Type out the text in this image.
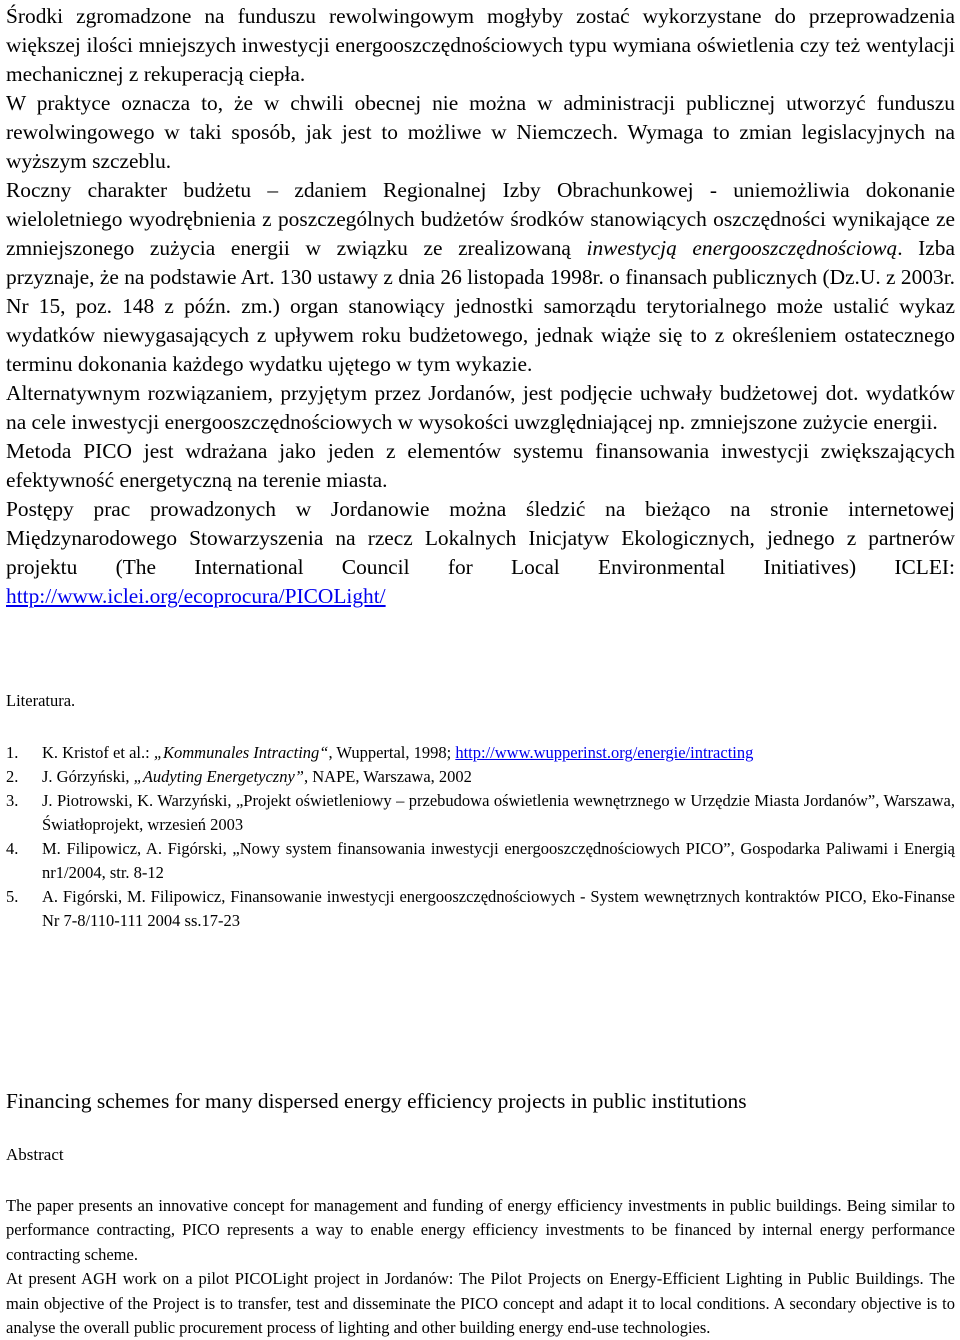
Środki zgromadzone na funduszu rewolwingowym mogłyby zostać wykorzystane do przeprowadzenia większej ilości mniejszych inwestycji energooszczędnościowych typu wymiana oświetlenia czy też wentylacji mechanicznej z rekuperacją ciepła.

W praktyce oznacza to, że w chwili obecnej nie można w administracji publicznej utworzyć funduszu rewolwingowego w taki sposób, jak jest to możliwe w Niemczech. Wymaga to zmian legislacyjnych na wyższym szczeblu.

Roczny charakter budżetu – zdaniem Regionalnej Izby Obrachunkowej - uniemożliwia dokonanie wieloletniego wyodrębnienia z poszczególnych budżetów środków stanowiących oszczędności wynikające ze zmniejszonego zużycia energii w związku ze zrealizowaną inwestycją energooszczędnościową. Izba przyznaje, że na podstawie Art. 130 ustawy z dnia 26 listopada 1998r. o finansach publicznych (Dz.U. z 2003r. Nr 15, poz. 148 z późn. zm.) organ stanowiący jednostki samorządu terytorialnego może ustalić wykaz wydatków niewygasających z upływem roku budżetowego, jednak wiąże się to z określeniem ostatecznego terminu dokonania każdego wydatku ujętego w tym wykazie.

Alternatywnym rozwiązaniem, przyjętym przez Jordanów, jest podjęcie uchwały budżetowej dot. wydatków na cele inwestycji energooszczędnościowych w wysokości uwzględniającej np. zmniejszone zużycie energii.

Metoda PICO jest wdrażana jako jeden z elementów systemu finansowania inwestycji zwiększających efektywność energetyczną na terenie miasta.

Postępy prac prowadzonych w Jordanowie można śledzić na bieżąco na stronie internetowej Międzynarodowego Stowarzyszenia na rzecz Lokalnych Inicjatyw Ekologicznych, jednego z partnerów projektu (The International Council for Local Environmental Initiatives) ICLEI: http://www.iclei.org/ecoprocura/PICOLight/

Literatura.
1. K. Kristof et al.: „Kommunales Intracting“, Wuppertal, 1998; http://www.wupperinst.org/energie/intracting
2. J. Górzyński, „Audyting Energetyczny”, NAPE, Warszawa, 2002
3. J. Piotrowski, K. Warzyński, „Projekt oświetleniowy – przebudowa oświetlenia wewnętrznego w Urzędzie Miasta Jordanów”, Warszawa, Światłoprojekt, wrzesień 2003
4. M. Filipowicz, A. Figórski, „Nowy system finansowania inwestycji energooszczędnościowych PICO”, Gospodarka Paliwami i Energią nr1/2004, str. 8-12
5. A. Figórski, M. Filipowicz, Finansowanie inwestycji energooszczędnościowych - System wewnętrznych kontraktów PICO, Eko-Finanse Nr 7-8/110-111 2004 ss.17-23
Financing schemes for many dispersed energy efficiency projects in public institutions
Abstract

The paper presents an innovative concept for management and funding of energy efficiency investments in public buildings. Being similar to performance contracting, PICO represents a way to enable energy efficiency investments to be financed by internal energy performance contracting scheme.

At present AGH work on a pilot PICOLight project in Jordanów: The Pilot Projects on Energy-Efficient Lighting in Public Buildings. The main objective of the Project is to transfer, test and disseminate the PICO concept and adapt it to local conditions. A secondary objective is to analyse the overall public procurement process of lighting and other building energy end-use technologies.
